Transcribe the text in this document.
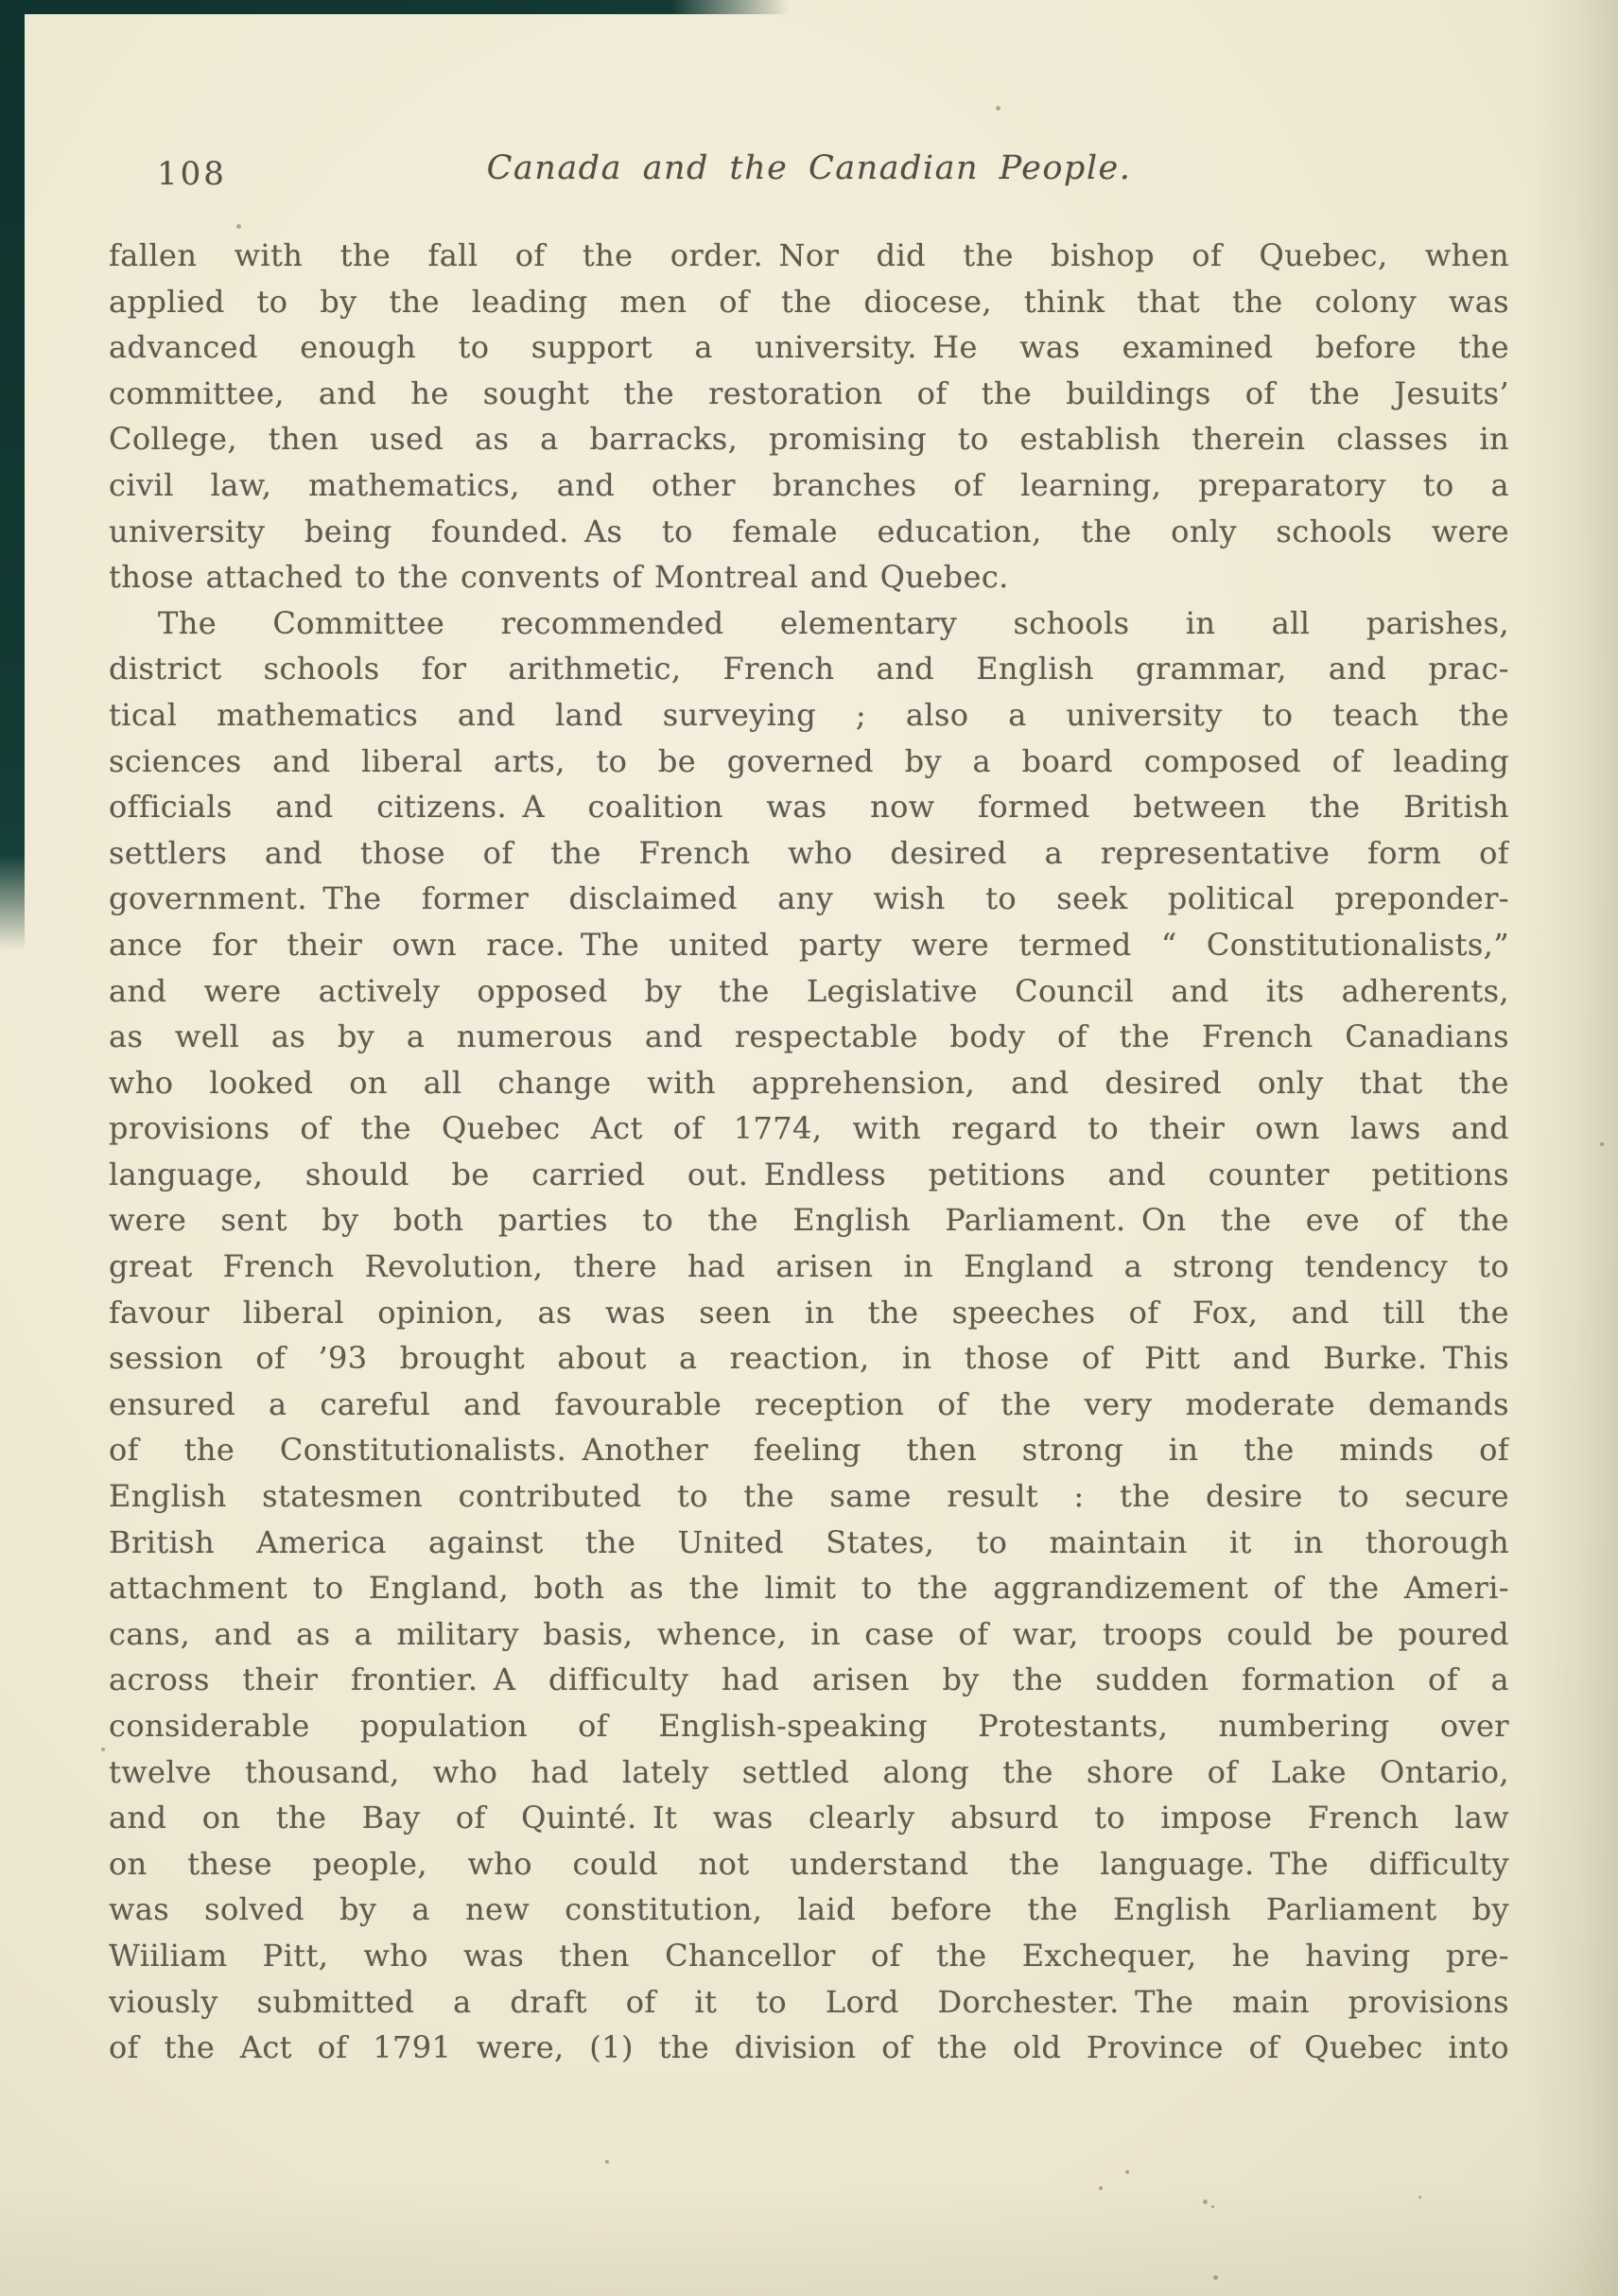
108	Canada and the Canadian People.
fallen with the fall of the order. Nor did the bishop of Quebec, when
applied to by the leading men of the diocese, think that the colony was
advanced enough to support a university. He was examined before the
committee, and he sought the restoration of the buildings of the Jesuits’
College, then used as a barracks, promising to establish therein classes in
civil law, mathematics, and other branches of learning, preparatory to a
university being founded. As to female education, the only schools were
those attached to the convents of Montreal and Quebec.
The Committee recommended elementary schools in all parishes,
district schools for arithmetic, French and English grammar, and prac-
tical mathematics and land surveying ; also a university to teach the
sciences and liberal arts, to be governed by a board composed of leading
officials and citizens. A coalition was now formed between the British
settlers and those of the French who desired a representative form of
government. The former disclaimed any wish to seek political preponder-
ance for their own race. The united party were termed “ Constitutionalists,”
and were actively opposed by the Legislative Council and its adherents,
as well as by a numerous and respectable body of the French Canadians
who looked on all change with apprehension, and desired only that the
provisions of the Quebec Act of 1774, with regard to their own laws and
language, should be carried out. Endless petitions and counter petitions
were sent by both parties to the English Parliament. On the eve of the
great French Revolution, there had arisen in England a strong tendency to
favour liberal opinion, as was seen in the speeches of Fox, and till the
session of ’93 brought about a reaction, in those of Pitt and Burke. This
ensured a careful and favourable reception of the very moderate demands
of the Constitutionalists. Another feeling then strong in the minds of
English statesmen contributed to the same result : the desire to secure
British America against the United States, to maintain it in thorough
attachment to England, both as the limit to the aggrandizement of the Ameri-
cans, and as a military basis, whence, in case of war, troops could be poured
across their frontier. A difficulty had arisen by the sudden formation of a
considerable population of English-speaking Protestants, numbering over
twelve thousand, who had lately settled along the shore of Lake Ontario,
and on the Bay of Quinté. It was clearly absurd to impose French law
on these people, who could not understand the language. The difficulty
was solved by a new constitution, laid before the English Parliament by
Wiiliam Pitt, who was then Chancellor of the Exchequer, he having pre-
viously submitted a draft of it to Lord Dorchester. The main provisions
of the Act of 1791 were, (1) the division of the old Province of Quebec into
